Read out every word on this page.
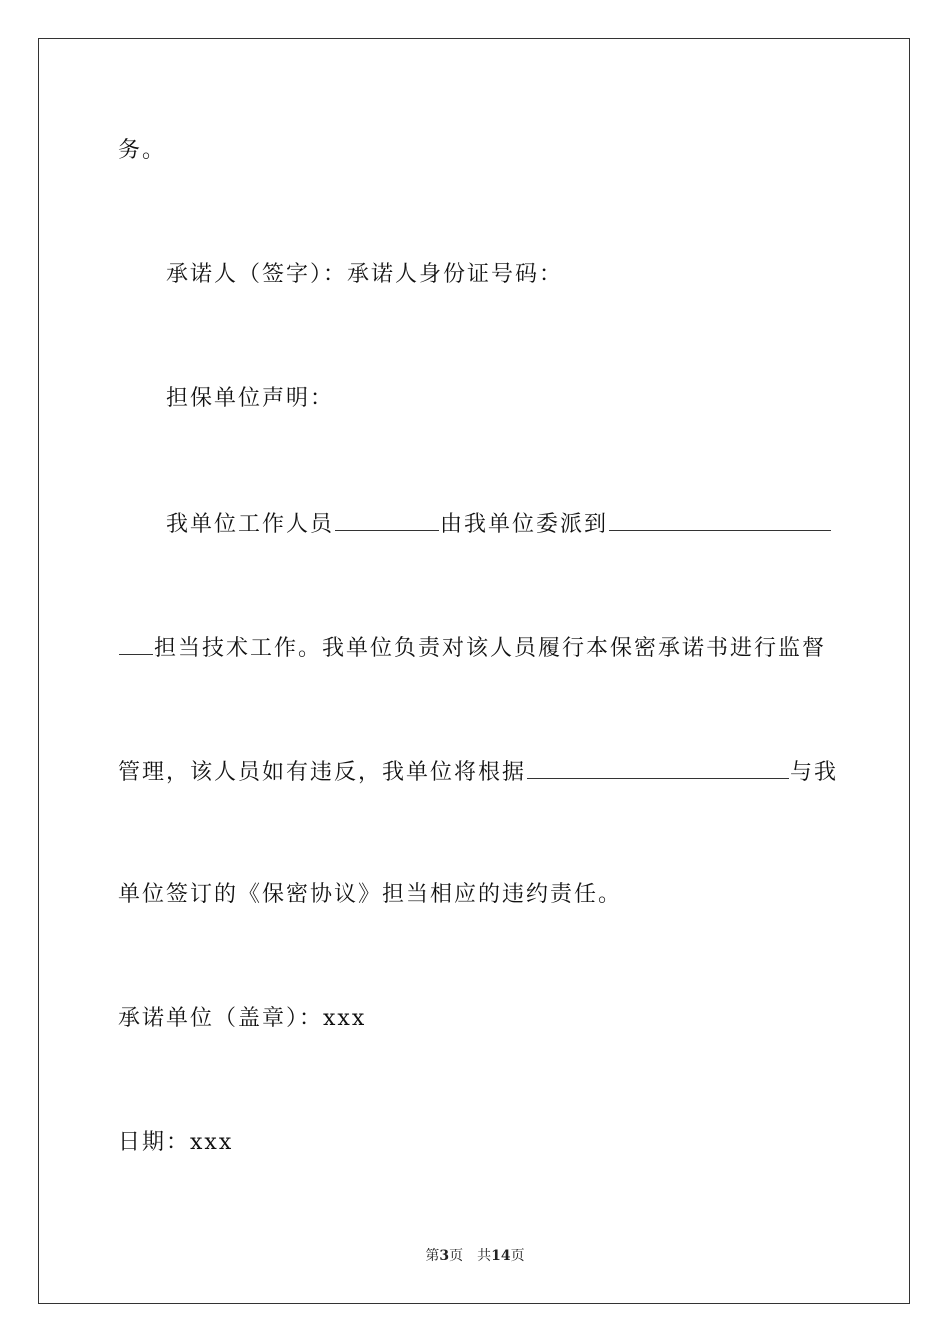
务。
承诺人（签字）：承诺人身份证号码：
担保单位声明：
我单位工作人员	由我单位委派到
担当技术工作。我单位负责对该人员履行本保密承诺书进行监督
管理，该人员如有违反，我单位将根据	与我
单位签订的《保密协议》担当相应的违约责任。
承诺单位（盖章）：xxx
日期：xxx
第3页 共14页
